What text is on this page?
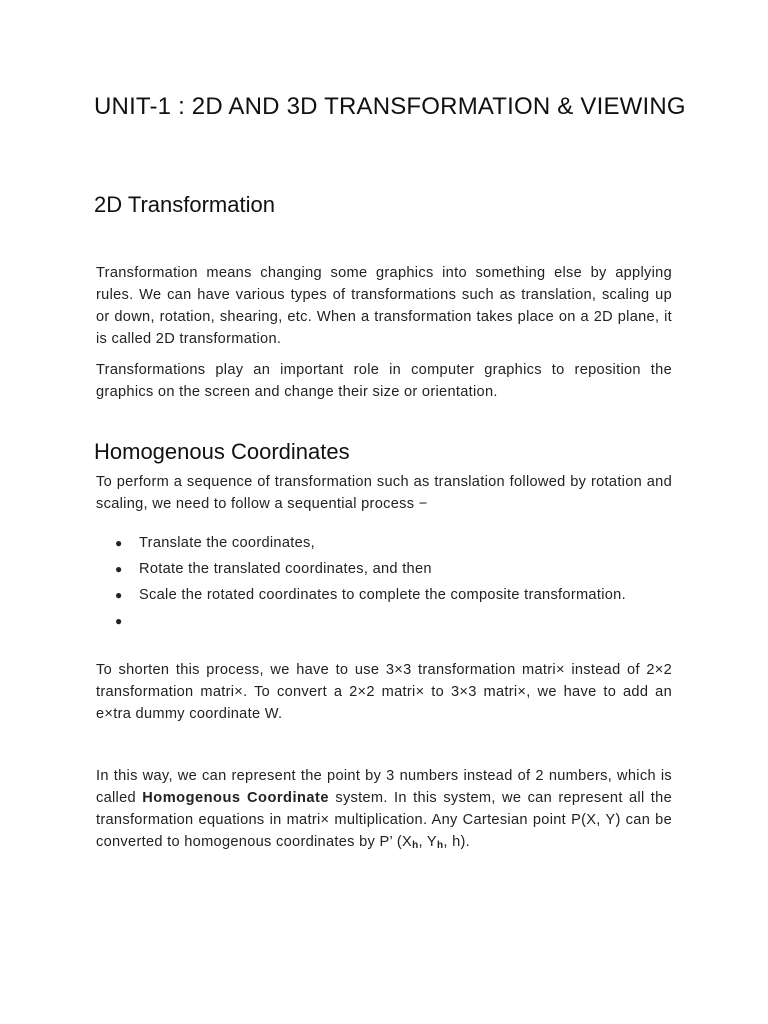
UNIT-1 : 2D AND 3D TRANSFORMATION & VIEWING
2D Transformation

Transformation means changing some graphics into something else by applying rules. We can have various types of transformations such as translation, scaling up or down, rotation, shearing, etc. When a transformation takes place on a 2D plane, it is called 2D transformation.

Transformations play an important role in computer graphics to reposition the graphics on the screen and change their size or orientation.

Homogenous Coordinates

To perform a sequence of transformation such as translation followed by rotation and scaling, we need to follow a sequential process −

● Translate the coordinates,
● Rotate the translated coordinates, and then
● Scale the rotated coordinates to complete the composite transformation.
●

To shorten this process, we have to use 3×3 transformation matri× instead of 2×2 transformation matri×. To convert a 2×2 matri× to 3×3 matri×, we have to add an e×tra dummy coordinate W.

In this way, we can represent the point by 3 numbers instead of 2 numbers, which is called Homogenous Coordinate system. In this system, we can represent all the transformation equations in matri× multiplication. Any Cartesian point P(X, Y) can be converted to homogenous coordinates by P’ ($X_h$, $Y_h$, h).
